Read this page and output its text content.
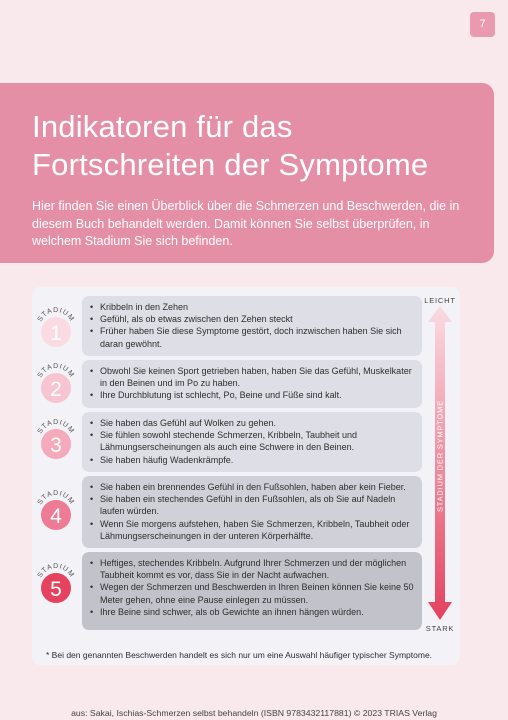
7
Indikatoren für das
Fortschreiten der Symptome

Hier finden Sie einen Überblick über die Schmerzen und Beschwerden, die in diesem Buch behandelt werden. Damit können Sie selbst überprüfen, in welchem Stadium Sie sich befinden.

STADIUM
1
• Kribbeln in den Zehen
• Gefühl, als ob etwas zwischen den Zehen steckt
• Früher haben Sie diese Symptome gestört, doch inzwischen haben Sie sich daran gewöhnt.
STADIUM
2
• Obwohl Sie keinen Sport getrieben haben, haben Sie das Gefühl, Muskelkater in den Beinen und im Po zu haben.
• Ihre Durchblutung ist schlecht, Po, Beine und Füße sind kalt.
STADIUM
3
• Sie haben das Gefühl auf Wolken zu gehen.
• Sie fühlen sowohl stechende Schmerzen, Kribbeln, Taubheit und Lähmungserscheinungen als auch eine Schwere in den Beinen.
• Sie haben häufig Wadenkrämpfe.
STADIUM
4
• Sie haben ein brennendes Gefühl in den Fußsohlen, haben aber kein Fieber.
• Sie haben ein stechendes Gefühl in den Fußsohlen, als ob Sie auf Nadeln laufen würden.
• Wenn Sie morgens aufstehen, haben Sie Schmerzen, Kribbeln, Taubheit oder Lähmungserscheinungen in der unteren Körperhälfte.
STADIUM
5
• Heftiges, stechendes Kribbeln. Aufgrund Ihrer Schmerzen und der möglichen Taubheit kommt es vor, dass Sie in der Nacht aufwachen.
• Wegen der Schmerzen und Beschwerden in Ihren Beinen können Sie keine 50 Meter gehen, ohne eine Pause einlegen zu müssen.
• Ihre Beine sind schwer, als ob Gewichte an ihnen hängen würden.
LEICHT
STADIUM DER SYMPTOME
STARK

* Bei den genannten Beschwerden handelt es sich nur um eine Auswahl häufiger typischer Symptome.

aus: Sakai, Ischias-Schmerzen selbst behandeln (ISBN 9783432117881) © 2023 TRIAS Verlag
